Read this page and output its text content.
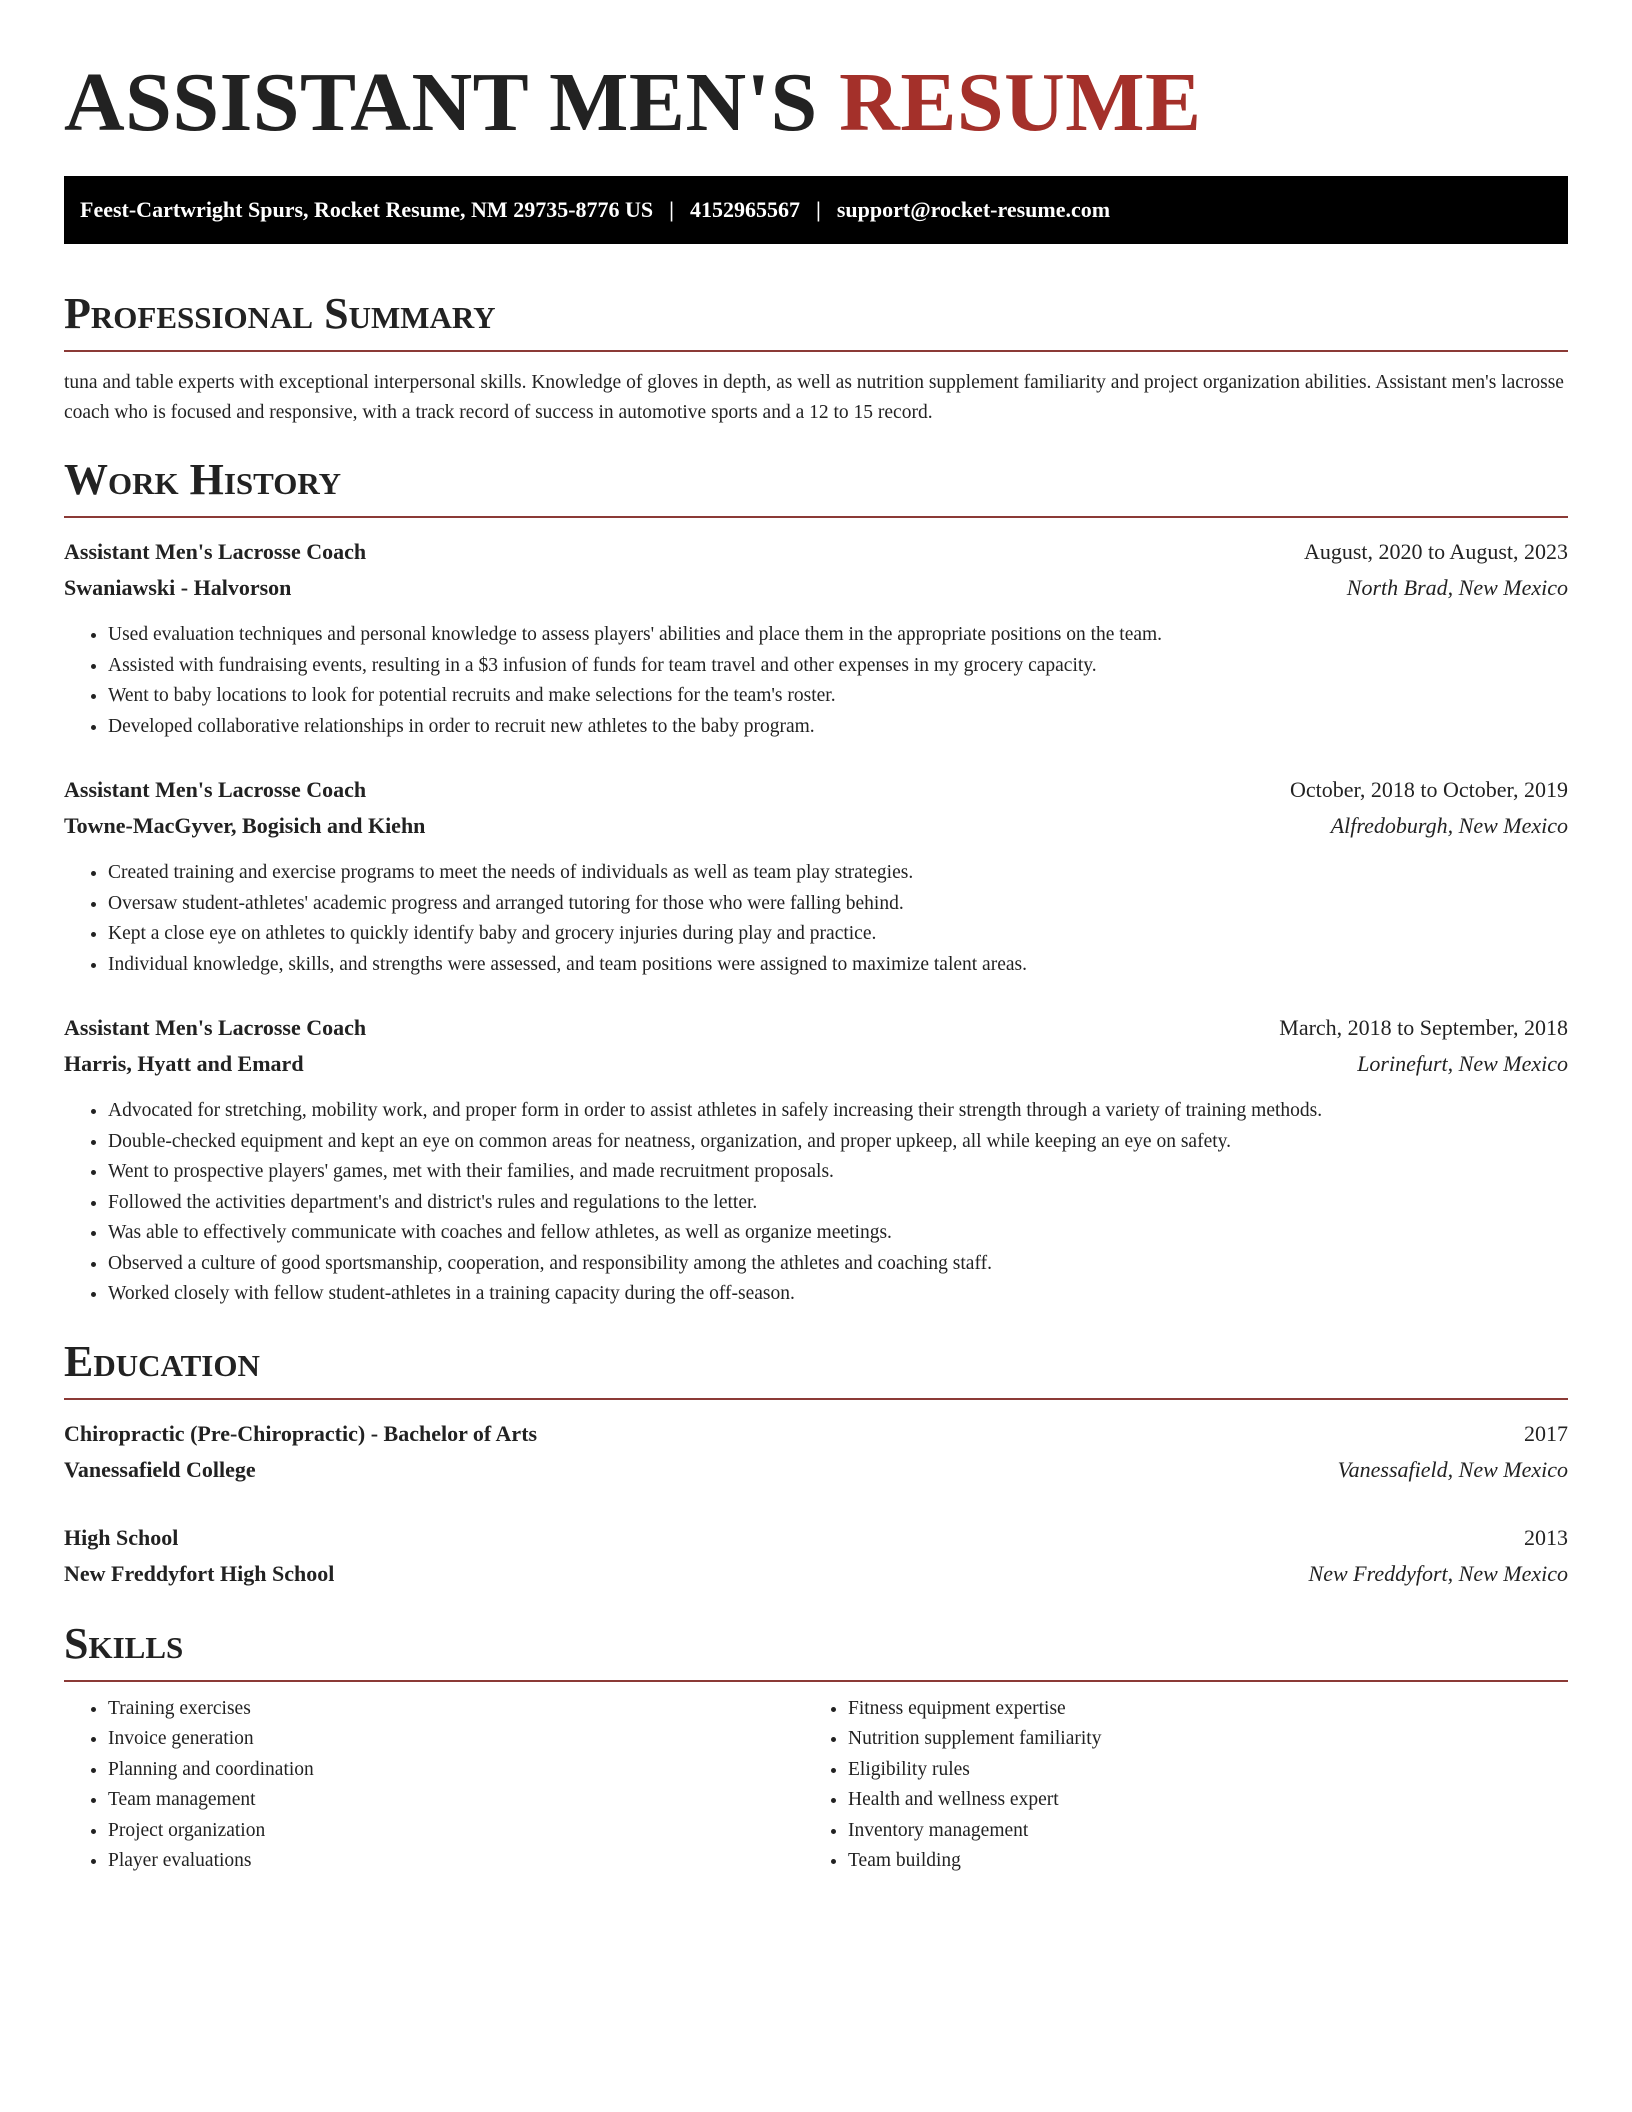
ASSISTANT MEN'S RESUME
Feest-Cartwright Spurs, Rocket Resume, NM 29735-8776 US | 4152965567 | support@rocket-resume.com
Professional Summary
tuna and table experts with exceptional interpersonal skills. Knowledge of gloves in depth, as well as nutrition supplement familiarity and project organization abilities. Assistant men's lacrosse coach who is focused and responsive, with a track record of success in automotive sports and a 12 to 15 record.
Work History
Assistant Men's Lacrosse Coach	August, 2020 to August, 2023
Swaniawski - Halvorson	North Brad, New Mexico
• Used evaluation techniques and personal knowledge to assess players' abilities and place them in the appropriate positions on the team.
• Assisted with fundraising events, resulting in a $3 infusion of funds for team travel and other expenses in my grocery capacity.
• Went to baby locations to look for potential recruits and make selections for the team's roster.
• Developed collaborative relationships in order to recruit new athletes to the baby program.
Assistant Men's Lacrosse Coach	October, 2018 to October, 2019
Towne-MacGyver, Bogisich and Kiehn	Alfredoburgh, New Mexico
• Created training and exercise programs to meet the needs of individuals as well as team play strategies.
• Oversaw student-athletes' academic progress and arranged tutoring for those who were falling behind.
• Kept a close eye on athletes to quickly identify baby and grocery injuries during play and practice.
• Individual knowledge, skills, and strengths were assessed, and team positions were assigned to maximize talent areas.
Assistant Men's Lacrosse Coach	March, 2018 to September, 2018
Harris, Hyatt and Emard	Lorinefurt, New Mexico
• Advocated for stretching, mobility work, and proper form in order to assist athletes in safely increasing their strength through a variety of training methods.
• Double-checked equipment and kept an eye on common areas for neatness, organization, and proper upkeep, all while keeping an eye on safety.
• Went to prospective players' games, met with their families, and made recruitment proposals.
• Followed the activities department's and district's rules and regulations to the letter.
• Was able to effectively communicate with coaches and fellow athletes, as well as organize meetings.
• Observed a culture of good sportsmanship, cooperation, and responsibility among the athletes and coaching staff.
• Worked closely with fellow student-athletes in a training capacity during the off-season.
Education
Chiropractic (Pre-Chiropractic) - Bachelor of Arts	2017
Vanessafield College	Vanessafield, New Mexico
High School	2013
New Freddyfort High School	New Freddyfort, New Mexico
Skills
• Training exercises
• Invoice generation
• Planning and coordination
• Team management
• Project organization
• Player evaluations
• Fitness equipment expertise
• Nutrition supplement familiarity
• Eligibility rules
• Health and wellness expert
• Inventory management
• Team building
